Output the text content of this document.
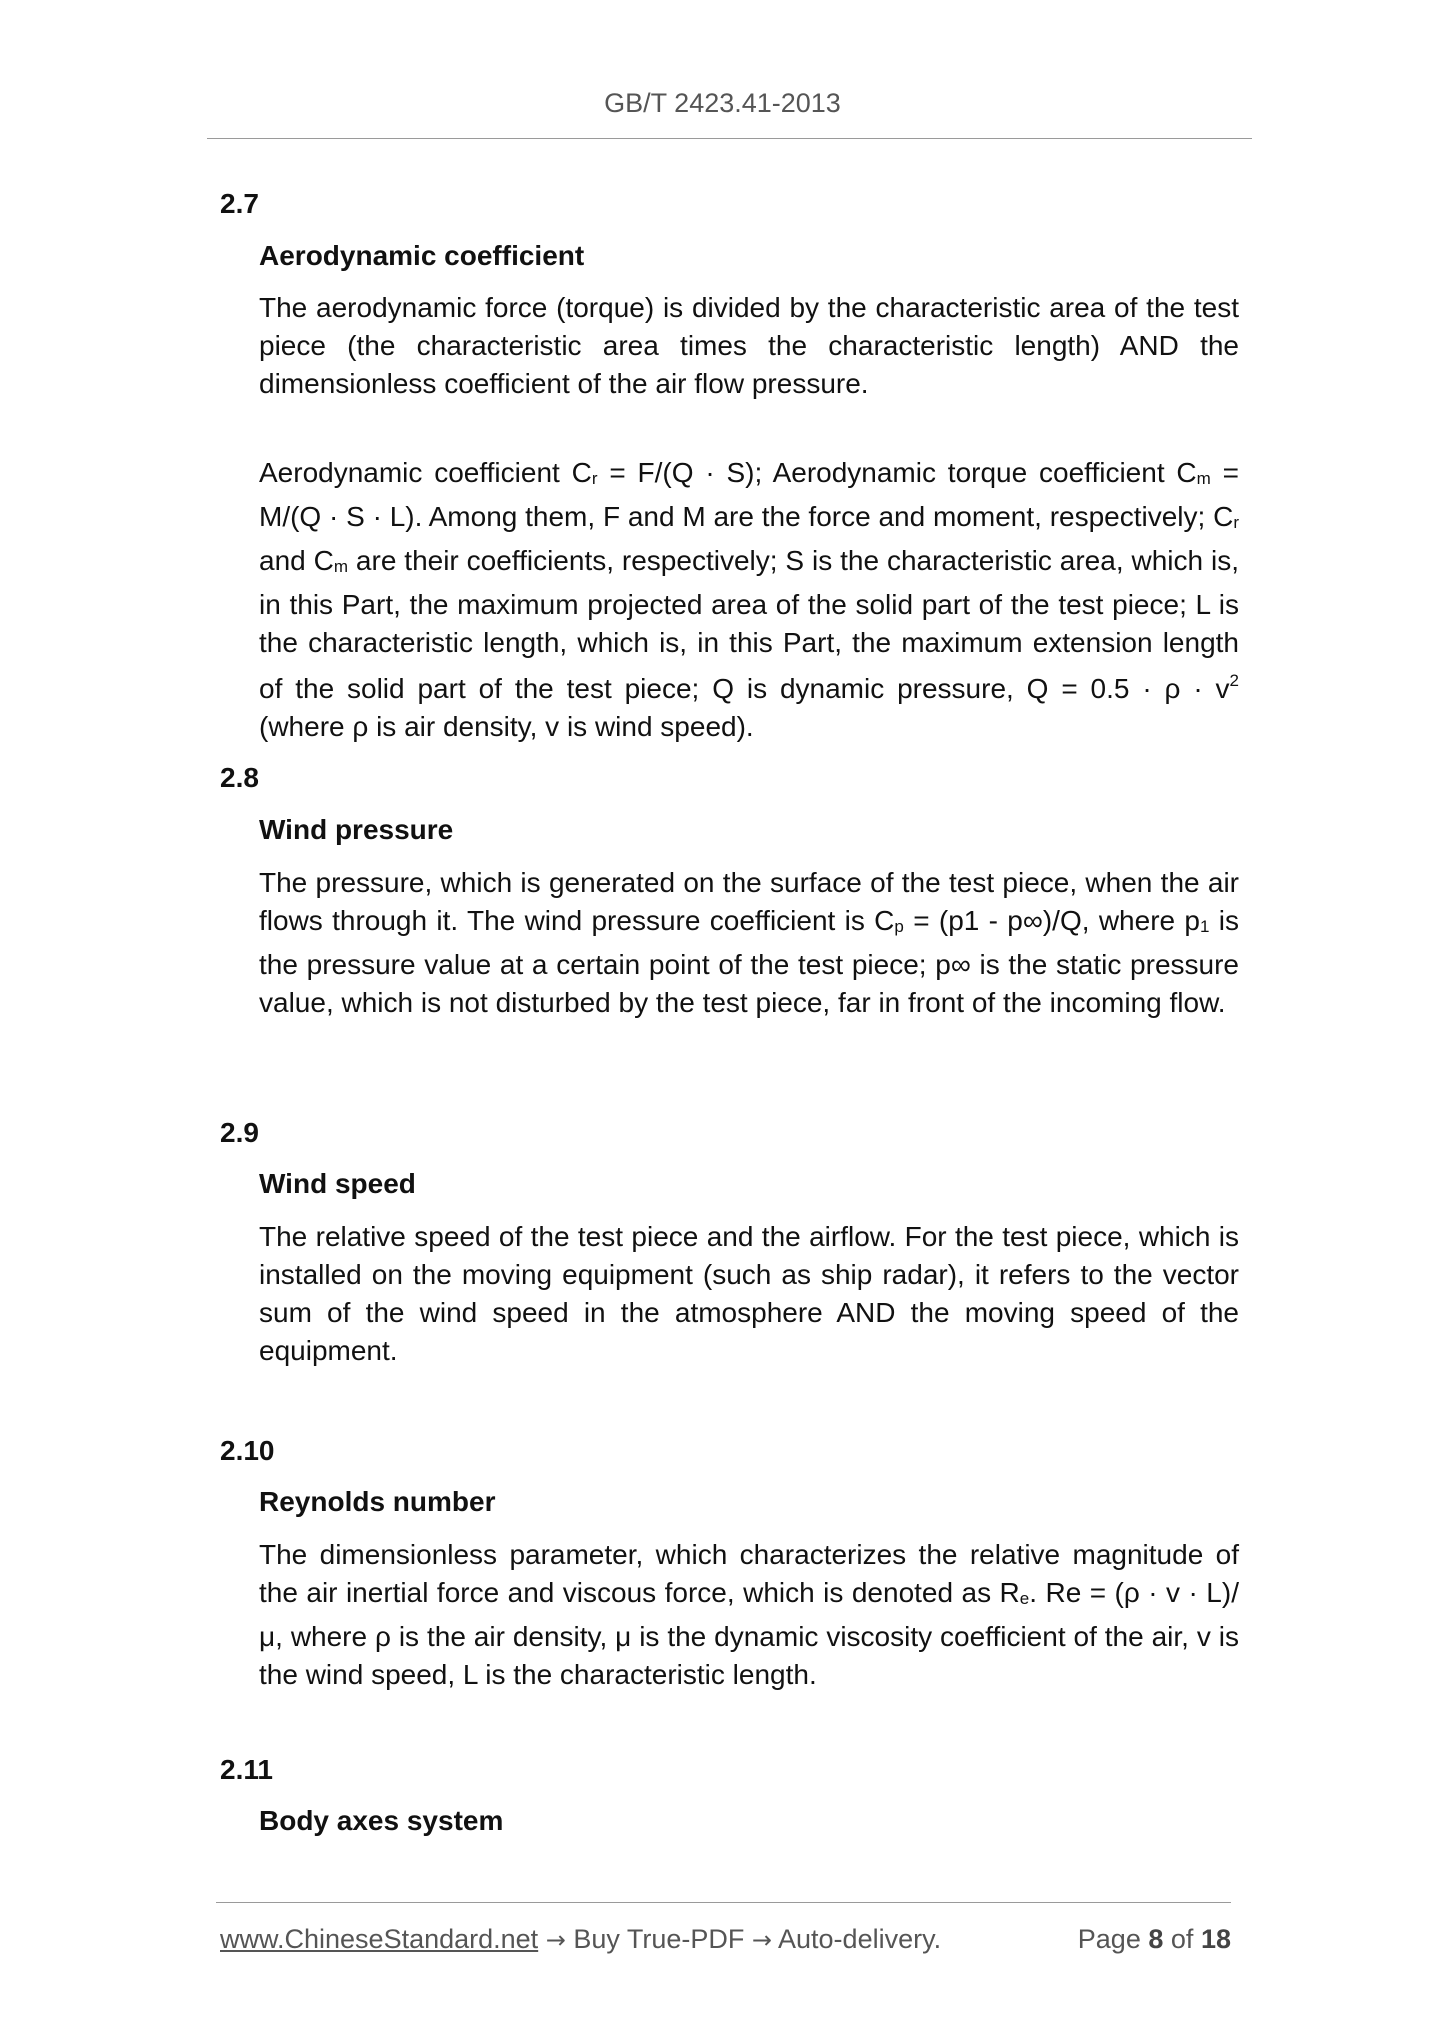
GB/T 2423.41-2013
2.7
Aerodynamic coefficient
The aerodynamic force (torque) is divided by the characteristic area of the test piece (the characteristic area times the characteristic length) AND the dimensionless coefficient of the air flow pressure.
Aerodynamic coefficient Cr = F/(Q · S); Aerodynamic torque coefficient Cm = M/(Q · S · L). Among them, F and M are the force and moment, respectively; Cr and Cm are their coefficients, respectively; S is the characteristic area, which is, in this Part, the maximum projected area of the solid part of the test piece; L is the characteristic length, which is, in this Part, the maximum extension length of the solid part of the test piece; Q is dynamic pressure, $Q = 0.5 \cdot \rho \cdot v^2$ (where ρ is air density, v is wind speed).
2.8
Wind pressure
The pressure, which is generated on the surface of the test piece, when the air flows through it. The wind pressure coefficient is Cp = (p1 - p∞)/Q, where p1 is the pressure value at a certain point of the test piece; p∞ is the static pressure value, which is not disturbed by the test piece, far in front of the incoming flow.
2.9
Wind speed
The relative speed of the test piece and the airflow. For the test piece, which is installed on the moving equipment (such as ship radar), it refers to the vector sum of the wind speed in the atmosphere AND the moving speed of the equipment.
2.10
Reynolds number
The dimensionless parameter, which characterizes the relative magnitude of the air inertial force and viscous force, which is denoted as Re. Re = (ρ · v · L)/μ, where ρ is the air density, μ is the dynamic viscosity coefficient of the air, v is the wind speed, L is the characteristic length.
2.11
Body axes system
www.ChineseStandard.net → Buy True-PDF → Auto-delivery.	Page 8 of 18
